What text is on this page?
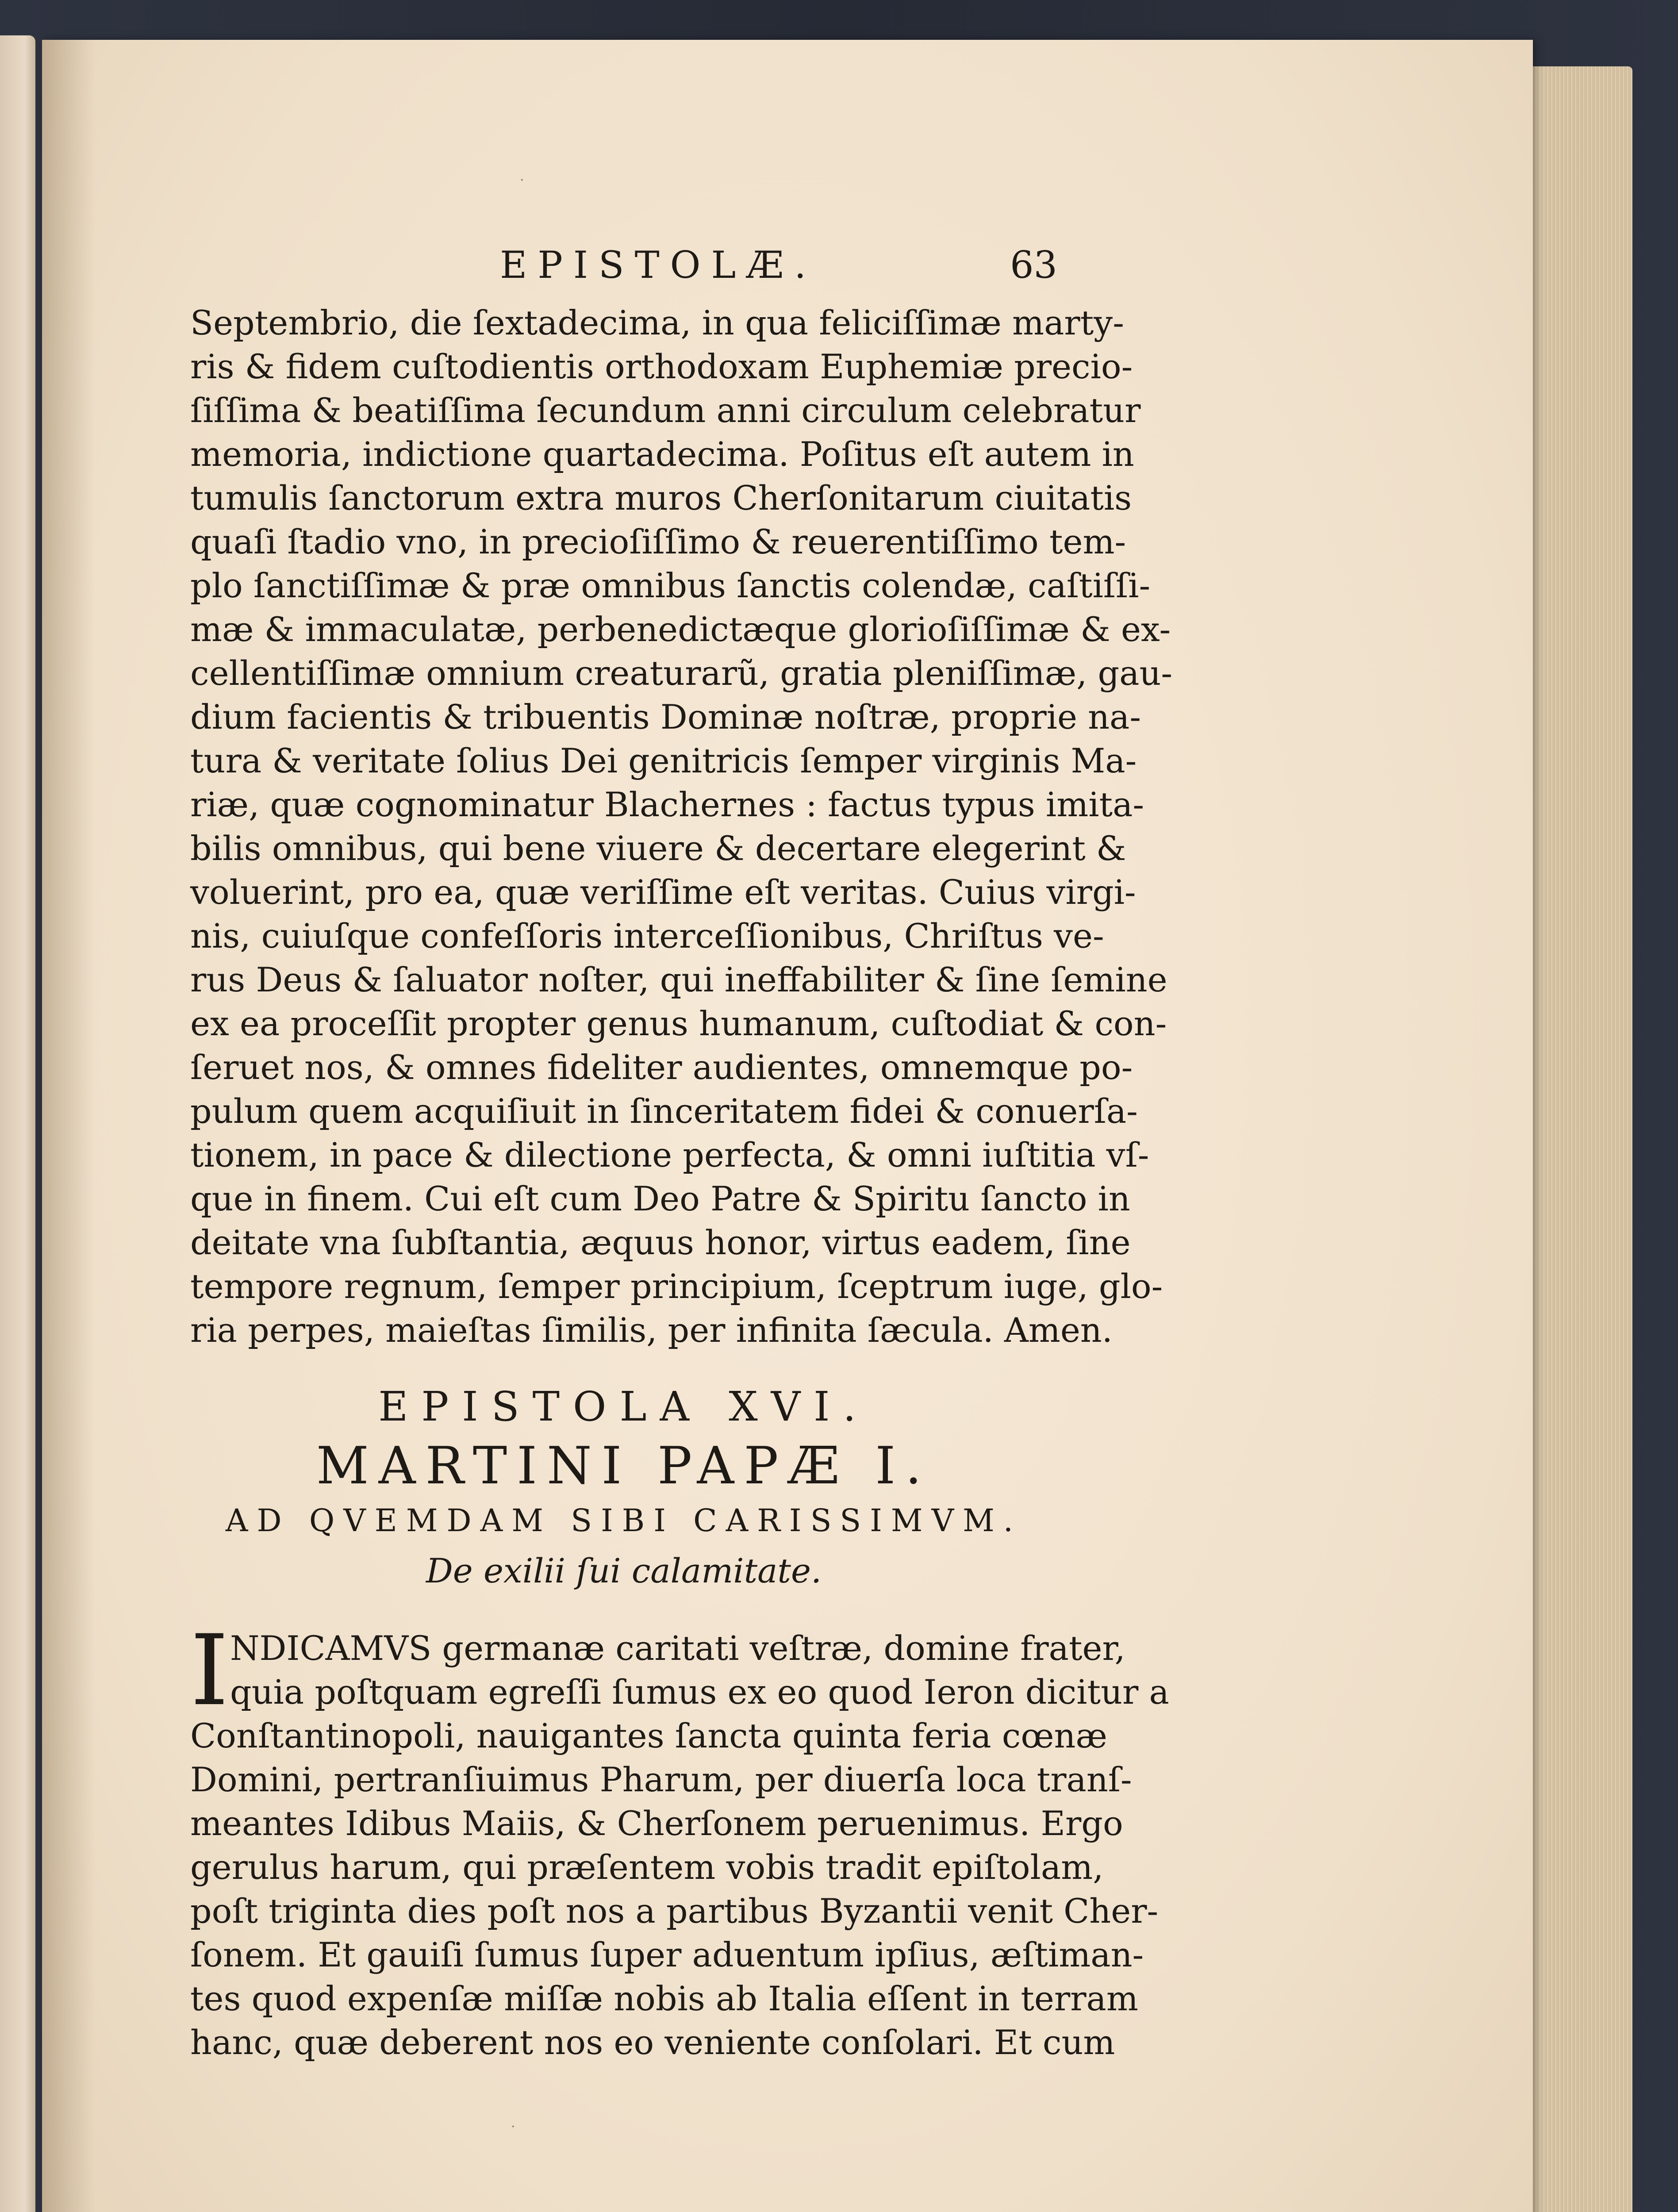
EPISTOLÆ.	63
Septembrio, die ſextadecima, in qua feliciſſimæ marty-
ris & fidem cuſtodientis orthodoxam Euphemiæ precio-
ſiſſima & beatiſſima ſecundum anni circulum celebratur
memoria, indictione quartadecima. Poſitus eſt autem in
tumulis ſanctorum extra muros Cherſonitarum ciuitatis
quaſi ſtadio vno, in precioſiſſimo & reuerentiſſimo tem-
plo ſanctiſſimæ & præ omnibus ſanctis colendæ, caſtiſſi-
mæ & immaculatæ, perbenedictæque glorioſiſſimæ & ex-
cellentiſſimæ omnium creaturarũ, gratia pleniſſimæ, gau-
dium facientis & tribuentis Dominæ noſtræ, proprie na-
tura & veritate ſolius Dei genitricis ſemper virginis Ma-
riæ, quæ cognominatur Blachernes : factus typus imita-
bilis omnibus, qui bene viuere & decertare elegerint &
voluerint, pro ea, quæ veriſſime eſt veritas. Cuius virgi-
nis, cuiuſque confeſſoris interceſſionibus, Chriſtus ve-
rus Deus & ſaluator noſter, qui ineffabiliter & ſine ſemine
ex ea proceſſit propter genus humanum, cuſtodiat & con-
ſeruet nos, & omnes fideliter audientes, omnemque po-
pulum quem acquiſiuit in ſinceritatem fidei & conuerſa-
tionem, in pace & dilectione perfecta, & omni iuſtitia vſ-
que in finem. Cui eſt cum Deo Patre & Spiritu ſancto in
deitate vna ſubſtantia, æquus honor, virtus eadem, ſine
tempore regnum, ſemper principium, ſceptrum iuge, glo-
ria perpes, maieſtas ſimilis, per infinita ſæcula. Amen.
EPISTOLA XVI.
MARTINI PAPÆ I.
AD QVEMDAM SIBI CARISSIMVM.
De exilii ſui calamitate.
I NDICAMVS germanæ caritati veſtræ, domine frater,
quia poſtquam egreſſi ſumus ex eo quod Ieron dicitur a
Conſtantinopoli, nauigantes ſancta quinta feria cœnæ
Domini, pertranſiuimus Pharum, per diuerſa loca tranſ-
meantes Idibus Maiis, & Cherſonem peruenimus. Ergo
gerulus harum, qui præſentem vobis tradit epiſtolam,
poſt triginta dies poſt nos a partibus Byzantii venit Cher-
ſonem. Et gauiſi ſumus ſuper aduentum ipſius, æſtiman-
tes quod expenſæ miſſæ nobis ab Italia eſſent in terram
hanc, quæ deberent nos eo veniente conſolari. Et cum
·
·
